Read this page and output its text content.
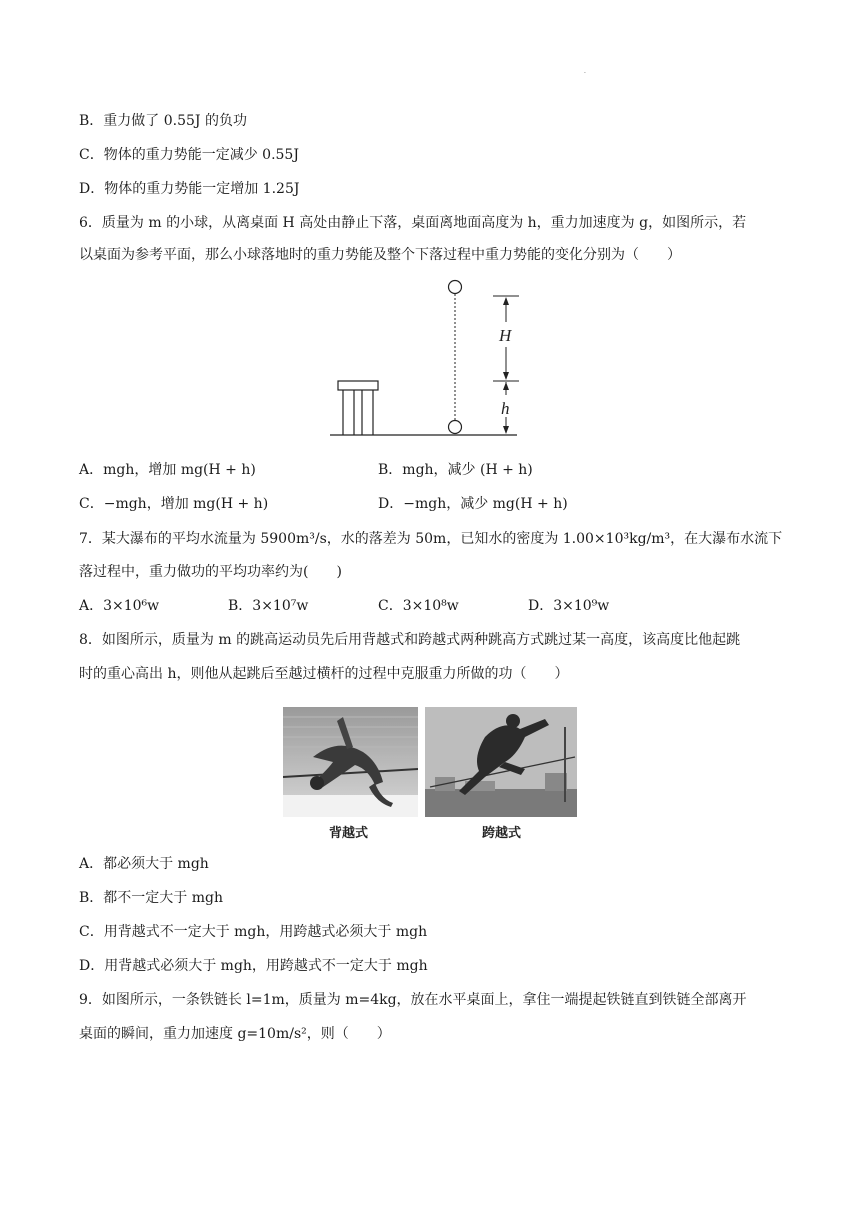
·
B．重力做了 0.55J 的负功
C．物体的重力势能一定减少 0.55J
D．物体的重力势能一定增加 1.25J
6．质量为 m 的小球，从离桌面 H 高处由静止下落，桌面离地面高度为 h，重力加速度为 g，如图所示，若
以桌面为参考平面，那么小球落地时的重力势能及整个下落过程中重力势能的变化分别为（　　）
H
h
A．mgh，增加 mg(H + h)	B．mgh，减少 (H + h)
C．−mgh，增加 mg(H + h)	D．−mgh，减少 mg(H + h)
7．某大瀑布的平均水流量为 5900m³/s，水的落差为 50m，已知水的密度为 1.00×10³kg/m³，在大瀑布水流下
落过程中，重力做功的平均功率约为(　　)
A．3×10⁶w	B．3×10⁷w	C．3×10⁸w	D．3×10⁹w
8．如图所示，质量为 m 的跳高运动员先后用背越式和跨越式两种跳高方式跳过某一高度，该高度比他起跳
时的重心高出 h，则他从起跳后至越过横杆的过程中克服重力所做的功（　　）
背越式	跨越式
A．都必须大于 mgh
B．都不一定大于 mgh
C．用背越式不一定大于 mgh，用跨越式必须大于 mgh
D．用背越式必须大于 mgh，用跨越式不一定大于 mgh
9．如图所示，一条铁链长 l=1m，质量为 m=4kg，放在水平桌面上，拿住一端提起铁链直到铁链全部离开
桌面的瞬间，重力加速度 g=10m/s²，则（　　）
